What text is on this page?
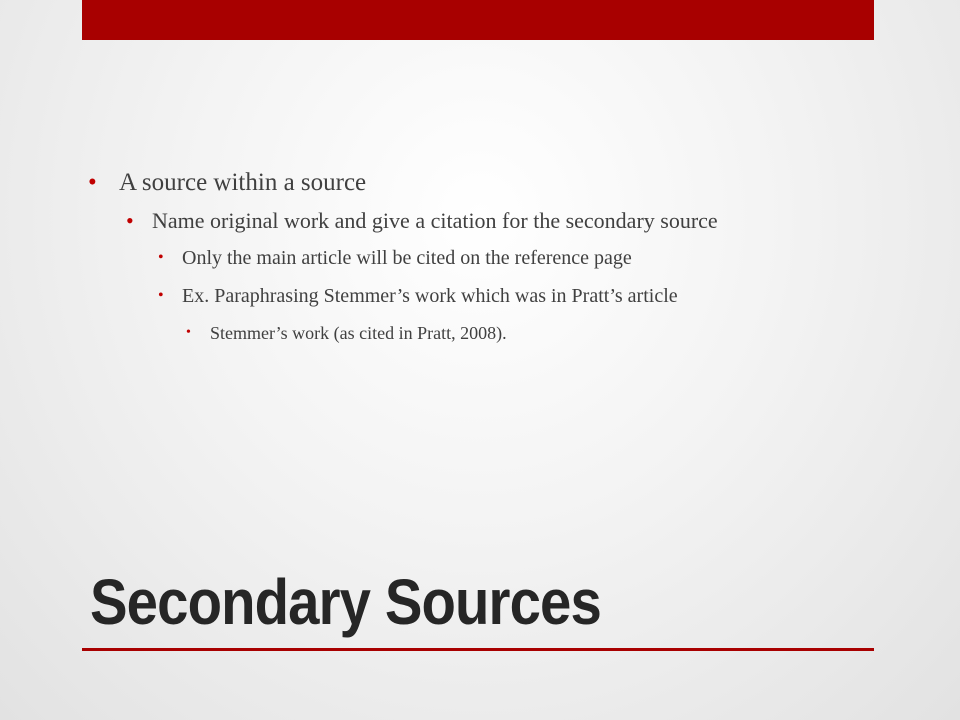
• A source within a source

• Name original work and give a citation for the secondary source

• Only the main article will be cited on the reference page

• Ex. Paraphrasing Stemmer’s work which was in Pratt’s article

• Stemmer’s work (as cited in Pratt, 2008).

Secondary Sources
